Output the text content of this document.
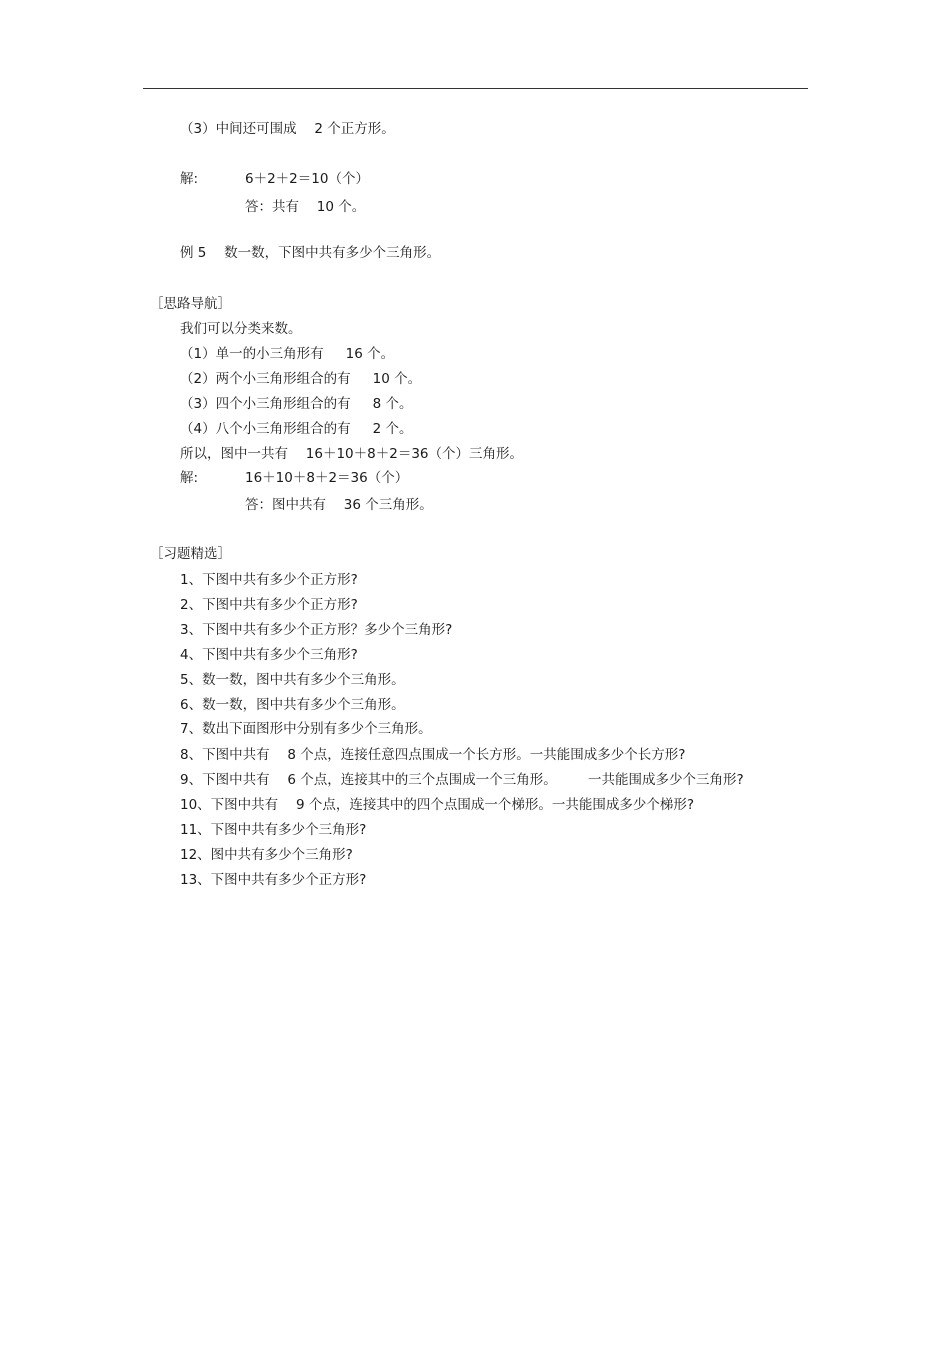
（3）中间还可围成 　2 个正方形。
解:	6＋2＋2＝10（个）
答：共有 　10 个。
例 5 　数一数，下图中共有多少个三角形。
［思路导航］
我们可以分类来数。
（1）单一的小三角形有 　 16 个。
（2）两个小三角形组合的有 　 10 个。
（3）四个小三角形组合的有 　 8 个。
（4）八个小三角形组合的有 　 2 个。
所以，图中一共有 　16＋10＋8＋2＝36（个）三角形。
解:	16＋10＋8＋2＝36（个）
答：图中共有 　36 个三角形。
［习题精选］
1、下图中共有多少个正方形?
2、下图中共有多少个正方形?
3、下图中共有多少个正方形？多少个三角形?
4、下图中共有多少个三角形?
5、数一数，图中共有多少个三角形。
6、数一数，图中共有多少个三角形。
7、数出下面图形中分别有多少个三角形。
8、下图中共有 　8 个点，连接任意四点围成一个长方形。一共能围成多少个长方形?
9、下图中共有 　6 个点，连接其中的三个点围成一个三角形。 　　一共能围成多少个三角形?
10、下图中共有 　9 个点，连接其中的四个点围成一个梯形。一共能围成多少个梯形?
11、下图中共有多少个三角形?
12、图中共有多少个三角形?
13、下图中共有多少个正方形?
